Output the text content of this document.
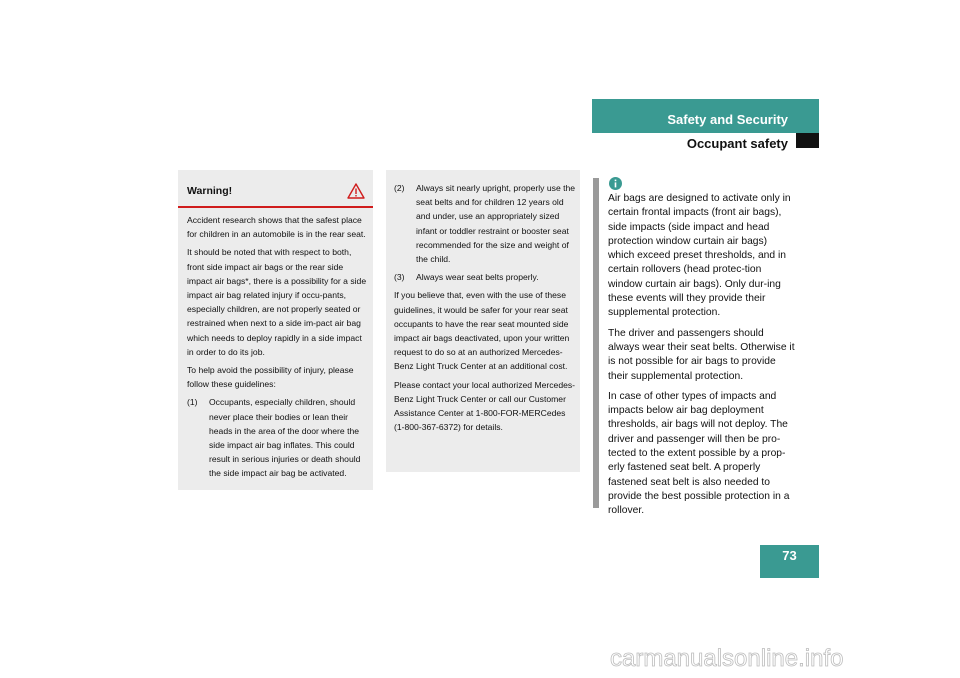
Safety and Security
Occupant safety
Warning!

Accident research shows that the safest place for children in an automobile is in the rear seat.

It should be noted that with respect to both, front side impact air bags or the rear side impact air bags*, there is a possibility for a side impact air bag related injury if occu-pants, especially children, are not properly seated or restrained when next to a side im-pact air bag which needs to deploy rapidly in a side impact in order to do its job.

To help avoid the possibility of injury, please follow these guidelines:

(1) Occupants, especially children, should never place their bodies or lean their heads in the area of the door where the side impact air bag inflates. This could result in serious injuries or death should the side impact air bag be activated.
(2) Always sit nearly upright, properly use the seat belts and for children 12 years old and under, use an appropriately sized infant or toddler restraint or booster seat recommended for the size and weight of the child.
(3) Always wear seat belts properly.

If you believe that, even with the use of these guidelines, it would be safer for your rear seat occupants to have the rear seat mounted side impact air bags deactivated, upon your written request to do so at an authorized Mercedes-Benz Light Truck Center at an additional cost.

Please contact your local authorized Mercedes-Benz Light Truck Center or call our Customer Assistance Center at 1-800-FOR-MERCedes (1-800-367-6372) for details.

Air bags are designed to activate only in certain frontal impacts (front air bags), side impacts (side impact and head protection window curtain air bags) which exceed preset thresholds, and in certain rollovers (head protec-tion window curtain air bags). Only dur-ing these events will they provide their supplemental protection.

The driver and passengers should always wear their seat belts. Otherwise it is not possible for air bags to provide their supplemental protection.

In case of other types of impacts and impacts below air bag deployment thresholds, air bags will not deploy. The driver and passenger will then be pro-tected to the extent possible by a prop-erly fastened seat belt. A properly fastened seat belt is also needed to provide the best possible protection in a rollover.

73
carmanualsonline.info
